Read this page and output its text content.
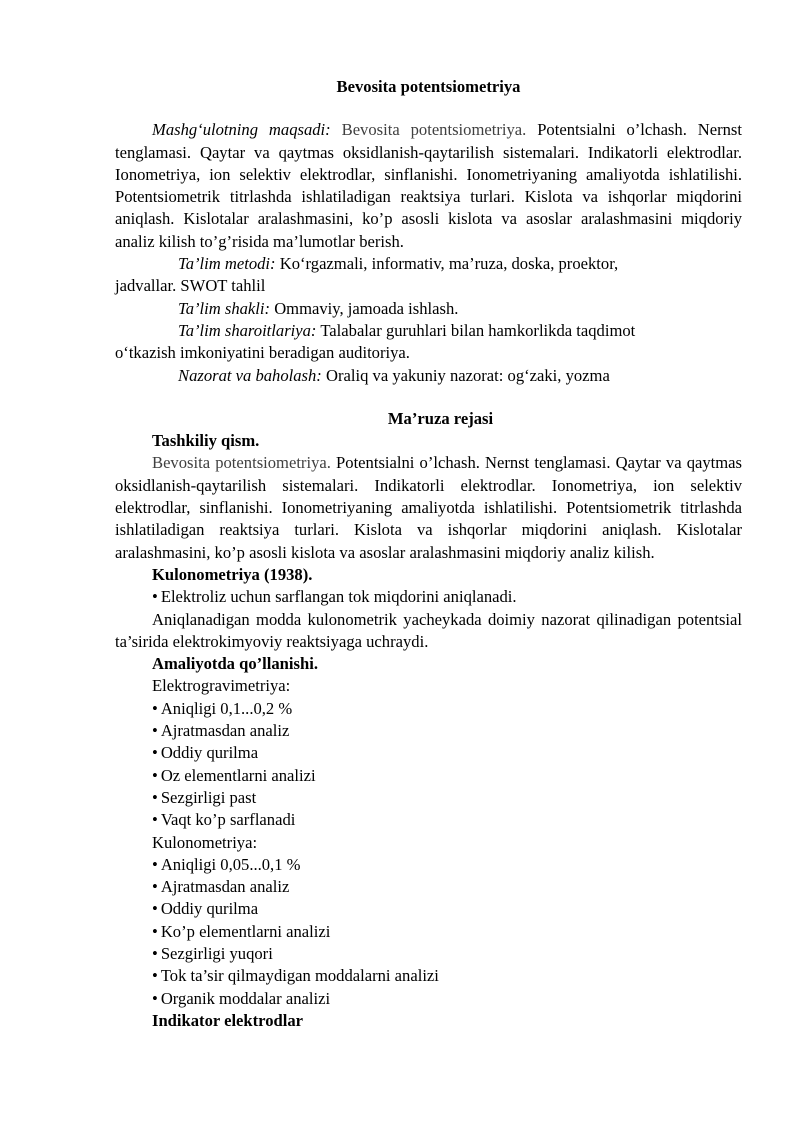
Bevosita potentsiometriya

Mashg‘ulotning maqsadi: Bevosita potentsiometriya. Potentsialni o’lchash. Nernst tenglamasi. Qaytar va qaytmas oksidlanish-qaytarilish sistemalari. Indikatorli elektrodlar. Ionometriya, ion selektiv elektrodlar, sinflanishi. Ionometriyaning amaliyotda ishlatilishi. Potentsiometrik titrlashda ishlatiladigan reaktsiya turlari. Kislota va ishqorlar miqdorini aniqlash. Kislotalar aralashmasini, ko’p asosli kislota va asoslar aralashmasini miqdoriy analiz kilish to’g’risida ma’lumotlar berish.

Ta’lim metodi: Ko‘rgazmali, informativ, ma’ruza, doska, proektor,
jadvallar. SWOT tahlil

Ta’lim shakli: Ommaviy, jamoada ishlash.

Ta’lim sharoitlariya: Talabalar guruhlari bilan hamkorlikda taqdimot
o‘tkazish imkoniyatini beradigan auditoriya.

Nazorat va baholash: Oraliq va yakuniy nazorat: og‘zaki, yozma

Ma’ruza rejasi

Tashkiliy qism.

Bevosita potentsiometriya. Potentsialni o’lchash. Nernst tenglamasi. Qaytar va qaytmas oksidlanish-qaytarilish sistemalari. Indikatorli elektrodlar. Ionometriya, ion selektiv elektrodlar, sinflanishi. Ionometriyaning amaliyotda ishlatilishi. Potentsiometrik titrlashda ishlatiladigan reaktsiya turlari. Kislota va ishqorlar miqdorini aniqlash. Kislotalar aralashmasini, ko’p asosli kislota va asoslar aralashmasini miqdoriy analiz kilish.

Kulonometriya (1938).

• Elektroliz uchun sarflangan tok miqdorini aniqlanadi.

Aniqlanadigan modda kulonometrik yacheykada doimiy nazorat qilinadigan potentsial ta’sirida elektrokimyoviy reaktsiyaga uchraydi.

Amaliyotda qo’llanishi.

Elektrogravimetriya:

• Aniqligi 0,1...0,2 %

• Ajratmasdan analiz

• Oddiy qurilma

• Oz elementlarni analizi

• Sezgirligi past

• Vaqt ko’p sarflanadi

Kulonometriya:

• Aniqligi 0,05...0,1 %

• Ajratmasdan analiz

• Oddiy qurilma

• Ko’p elementlarni analizi

• Sezgirligi yuqori

• Tok ta’sir qilmaydigan moddalarni analizi

• Organik moddalar analizi

Indikator elektrodlar
